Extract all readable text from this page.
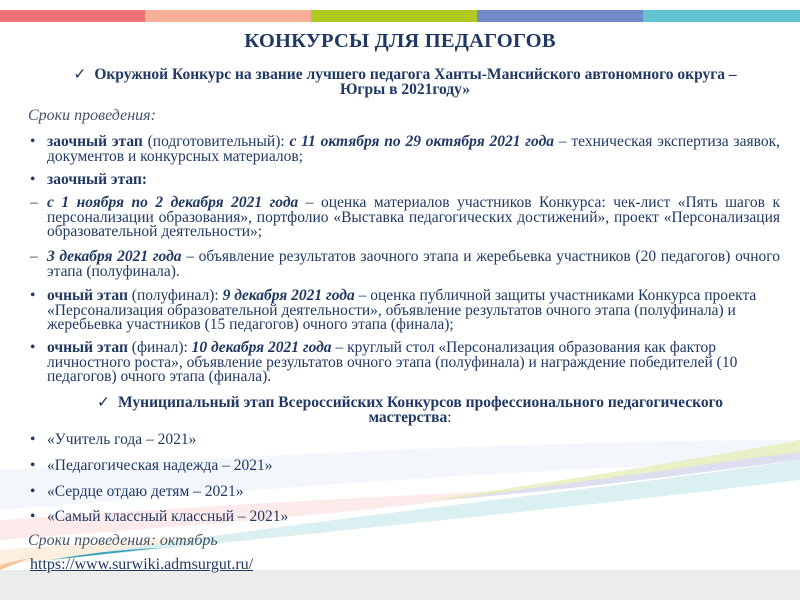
КОНКУРСЫ ДЛЯ ПЕДАГОГОВ
✓ Окружной Конкурс на звание лучшего педагога Ханты-Мансийского автономного округа –
Югры в 2021году»
Сроки проведения:
• заочный этап (подготовительный): с 11 октября по 29 октября 2021 года – техническая экспертиза заявок, документов и конкурсных материалов;
• заочный этап:
– с 1 ноября по 2 декабря 2021 года – оценка материалов участников Конкурса: чек-лист «Пять шагов к персонализации образования», портфолио «Выставка педагогических достижений», проект «Персонализация образовательной деятельности»;
– 3 декабря 2021 года – объявление результатов заочного этапа и жеребьевка участников (20 педагогов) очного этапа (полуфинала).
• очный этап (полуфинал): 9 декабря 2021 года – оценка публичной защиты участниками Конкурса проекта «Персонализация образовательной деятельности», объявление результатов очного этапа (полуфинала) и жеребьевка участников (15 педагогов) очного этапа (финала);
• очный этап (финал): 10 декабря 2021 года – круглый стол «Персонализация образования как фактор личностного роста», объявление результатов очного этапа (полуфинала) и награждение победителей (10 педагогов) очного этапа (финала).
✓ Муниципальный этап Всероссийских Конкурсов профессионального педагогического
мастерства:
• «Учитель года – 2021»
• «Педагогическая надежда – 2021»
• «Сердце отдаю детям – 2021»
• «Самый классный классный – 2021»
Сроки проведения: октябрь
https://www.surwiki.admsurgut.ru/
